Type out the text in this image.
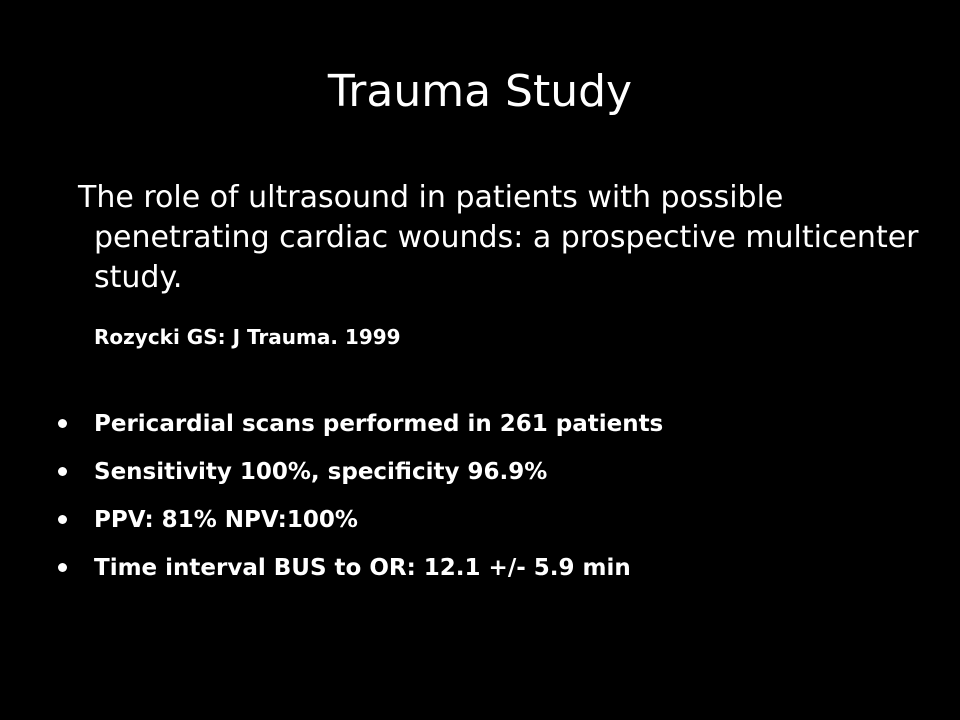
Trauma Study

The role of ultrasound in patients with possible penetrating cardiac wounds: a prospective multicenter study.

Rozycki GS: J Trauma. 1999

Pericardial scans performed in 261 patients
Sensitivity 100%, specificity 96.9%
PPV: 81% NPV:100%
Time interval BUS to OR: 12.1 +/- 5.9 min
